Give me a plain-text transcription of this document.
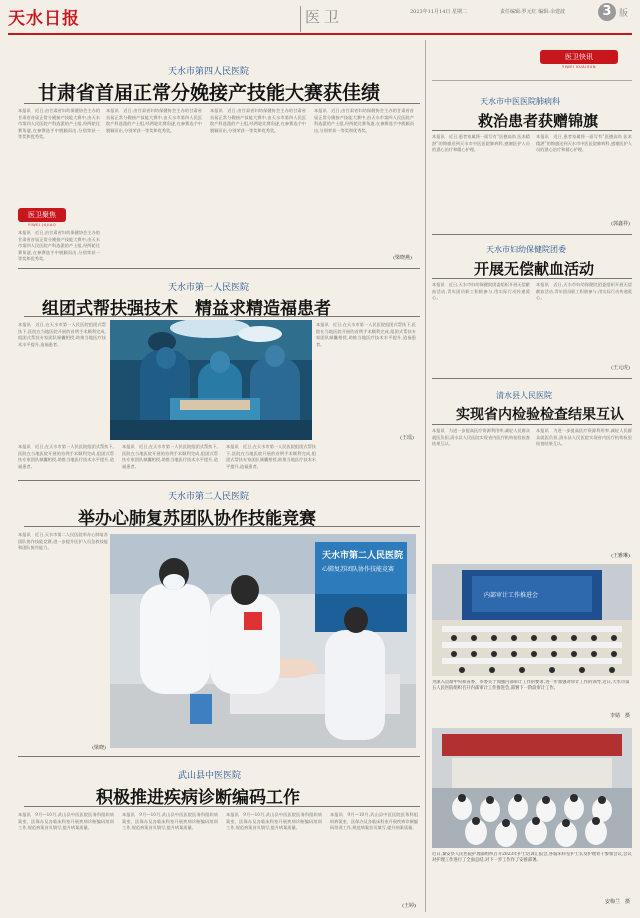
天水日报	医卫	2023年11月14日 星期二	责任编辑:罗元红 编辑:余建波	3 版
天水市第四人民医院
甘肃省首届正常分娩接产技能大赛获佳绩
医卫聚焦
YIWEI JUJIAO
本报讯　近日,由甘肃省妇幼保健协会主办的甘肃省首届正常分娩接产技能大赛中,由天水市第四人民医院产科选派的产士组,经两轮比赛角逐,在参赛选手中脱颖而出,分别荣获一等奖和优秀奖。
本报讯　近日,由甘肃省妇幼保健协会主办的甘肃省首届正常分娩接产技能大赛中,由天水市第四人民医院产科选派的产士组,经两轮比赛角逐,在参赛选手中脱颖而出,分别荣获一等奖和优秀奖。
本报讯　近日,由甘肃省妇幼保健协会主办的甘肃省首届正常分娩接产技能大赛中,由天水市第四人民医院产科选派的产士组,经两轮比赛角逐,在参赛选手中脱颖而出,分别荣获一等奖和优秀奖。
本报讯　近日,由甘肃省妇幼保健协会主办的甘肃省首届正常分娩接产技能大赛中,由天水市第四人民医院产科选派的产士组,经两轮比赛角逐,在参赛选手中脱颖而出,分别荣获一等奖和优秀奖。
本报讯　近日,由甘肃省妇幼保健协会主办的甘肃省首届正常分娩接产技能大赛中,由天水市第四人民医院产科选派的产士组,经两轮比赛角逐,在参赛选手中脱颖而出,分别荣获一等奖和优秀奖。
(梁晓燕)
天水市第一人民医院
组团式帮扶强技术　精益求精造福患者
本报讯　近日,在天水市第一人民医院组团式帮扶下,医院在当地医院开展的首例手术顺利完成,组团式帮扶专家团队倾囊相授,助推当地医疗技术水平提升,造福患者。
本报讯　近日,在天水市第一人民医院组团式帮扶下,医院在当地医院开展的首例手术顺利完成,组团式帮扶专家团队倾囊相授,助推当地医疗技术水平提升,造福患者。
本报讯　近日,在天水市第一人民医院组团式帮扶下,医院在当地医院开展的首例手术顺利完成,组团式帮扶专家团队倾囊相授,助推当地医疗技术水平提升,造福患者。
本报讯　近日,在天水市第一人民医院组团式帮扶下,医院在当地医院开展的首例手术顺利完成,组团式帮扶专家团队倾囊相授,助推当地医疗技术水平提升,造福患者。
本报讯　近日,在天水市第一人民医院组团式帮扶下,医院在当地医院开展的首例手术顺利完成,组团式帮扶专家团队倾囊相授,助推当地医疗技术水平提升,造福患者。
(王瑶)
天水市第二人民医院
举办心肺复苏团队协作技能竞赛
本报讯　近日,天水市第二人民医院举办心肺复苏团队协作技能竞赛,进一步提升医护人员急救技能和团队协作能力。
天水市第二人民医院
心肺复苏团队协作技能竞赛
(梁晓)
武山县中医医院
积极推进疾病诊断编码工作
本报讯　9月—10月,武山县中医医院医务科组织病案室、医保办及各临床科室开展疾病诊断编码培训工作,规范病案首页填写,提升病案质量。
本报讯　9月—10月,武山县中医医院医务科组织病案室、医保办及各临床科室开展疾病诊断编码培训工作,规范病案首页填写,提升病案质量。
本报讯　9月—10月,武山县中医医院医务科组织病案室、医保办及各临床科室开展疾病诊断编码培训工作,规范病案首页填写,提升病案质量。
本报讯　9月—10月,武山县中医医院医务科组织病案室、医保办及各临床科室开展疾病诊断编码培训工作,规范病案首页填写,提升病案质量。
(王婷)
医卫快讯
YIWEI KUAIXUN
天水市中医医院肺病科
救治患者获赠锦旗
本报讯　近日,患者家属将一面写有“医德高尚 医术精湛”的锦旗送到天水市中医医院肺病科,感谢医护人员的悉心治疗和精心护理。
本报讯　近日,患者家属将一面写有“医德高尚 医术精湛”的锦旗送到天水市中医医院肺病科,感谢医护人员的悉心治疗和精心护理。
(郭鑫祥)
天水市妇幼保健院团委
开展无偿献血活动
本报讯　近日,天水市妇幼保健院团委组织开展无偿献血活动,青年团员职工积极参与,用实际行动传递爱心。
本报讯　近日,天水市妇幼保健院团委组织开展无偿献血活动,青年团员职工积极参与,用实际行动传递爱心。
(王元虎)
清水县人民医院
实现省内检验检查结果互认
本报讯　为进一步提高医疗资源利用率,减轻人民群众就医负担,清水县人民医院实现省内医疗机构检验检查结果互认。
本报讯　为进一步提高医疗资源利用率,减轻人民群众就医负担,清水县人民医院实现省内医疗机构检验检查结果互认。
(王雅琳)
内部审计工作推进会
为深入贯彻中央和省委、市委关于加强内部审计工作的要求,进一步加强对审计工作的领导,近日,天水市第五人民医院组织召开内部审计工作推进会,部署下一阶段审计工作。
李婧　摄
近日,秦安县人民医院护理部组织召开2023年护士培训汇报会,各临床科室护士长及护理骨干参加会议,会议对护理工作进行了全面总结,对下一步工作作了安排部署。
安梅兰　摄
